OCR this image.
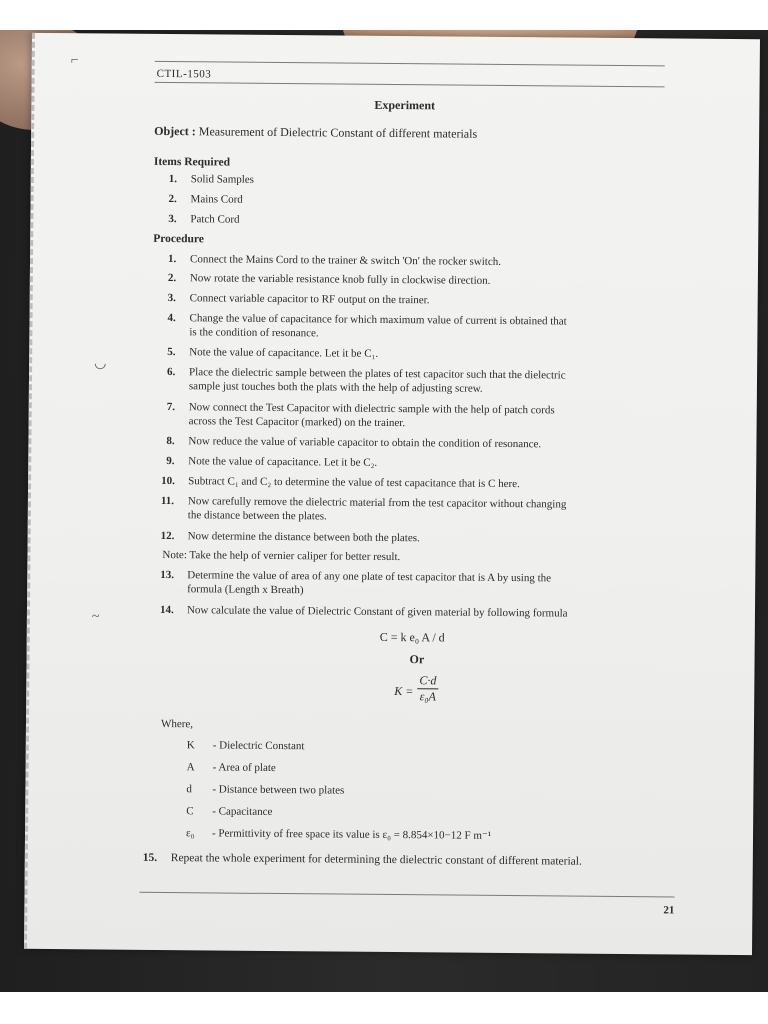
CTIL-1503
Experiment
Object : Measurement of Dielectric Constant of different materials
Items Required
1. Solid Samples
2. Mains Cord
3. Patch Cord
Procedure
1. Connect the Mains Cord to the trainer & switch 'On' the rocker switch.
2. Now rotate the variable resistance knob fully in clockwise direction.
3. Connect variable capacitor to RF output on the trainer.
4. Change the value of capacitance for which maximum value of current is obtained that
is the condition of resonance.
5. Note the value of capacitance. Let it be C₁.
6. Place the dielectric sample between the plates of test capacitor such that the dielectric
sample just touches both the plats with the help of adjusting screw.
7. Now connect the Test Capacitor with dielectric sample with the help of patch cords
across the Test Capacitor (marked) on the trainer.
8. Now reduce the value of variable capacitor to obtain the condition of resonance.
9. Note the value of capacitance. Let it be C₂.
10. Subtract C₁ and C₂ to determine the value of test capacitance that is C here.
11. Now carefully remove the dielectric material from the test capacitor without changing
the distance between the plates.
12. Now determine the distance between both the plates.
Note: Take the help of vernier caliper for better result.
13. Determine the value of area of any one plate of test capacitor that is A by using the
formula (Length x Breath)
14. Now calculate the value of Dielectric Constant of given material by following formula
C = k e₀ A / d
Or
$K = \frac{C\cdot d}{\text{ε₀A}}$
Where,
K - Dielectric Constant
A - Area of plate
d - Distance between two plates
C - Capacitance
ε₀ - Permittivity of free space its value is ε₀ = 8.854×10−12 F m⁻¹
15. Repeat the whole experiment for determining the dielectric constant of different material.
21
⌐
◡
~
